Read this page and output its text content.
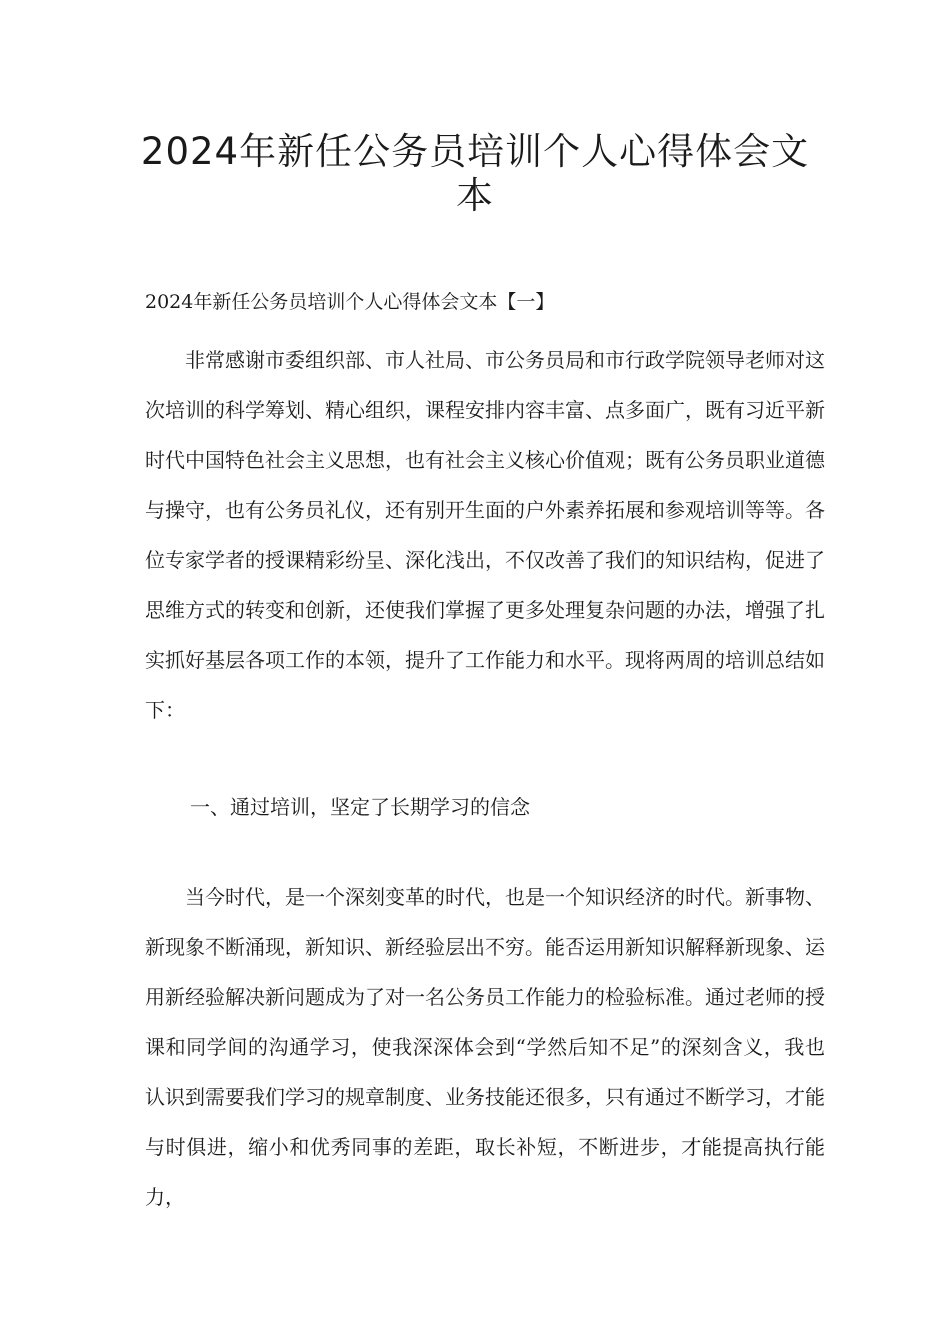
2024年新任公务员培训个人心得体会文本
2024年新任公务员培训个人心得体会文本【一】

非常感谢市委组织部、市人社局、市公务员局和市行政学院领导老师对这次培训的科学筹划、精心组织，课程安排内容丰富、点多面广，既有习近平新时代中国特色社会主义思想，也有社会主义核心价值观；既有公务员职业道德与操守，也有公务员礼仪，还有别开生面的户外素养拓展和参观培训等等。各位专家学者的授课精彩纷呈、深化浅出，不仅改善了我们的知识结构，促进了思维方式的转变和创新，还使我们掌握了更多处理复杂问题的办法，增强了扎实抓好基层各项工作的本领，提升了工作能力和水平。现将两周的培训总结如下：

一、通过培训，坚定了长期学习的信念

当今时代，是一个深刻变革的时代，也是一个知识经济的时代。新事物、新现象不断涌现，新知识、新经验层出不穷。能否运用新知识解释新现象、运用新经验解决新问题成为了对一名公务员工作能力的检验标准。通过老师的授课和同学间的沟通学习，使我深深体会到“学然后知不足”的深刻含义，我也认识到需要我们学习的规章制度、业务技能还很多，只有通过不断学习，才能与时俱进，缩小和优秀同事的差距，取长补短，不断进步，才能提高执行能力，
